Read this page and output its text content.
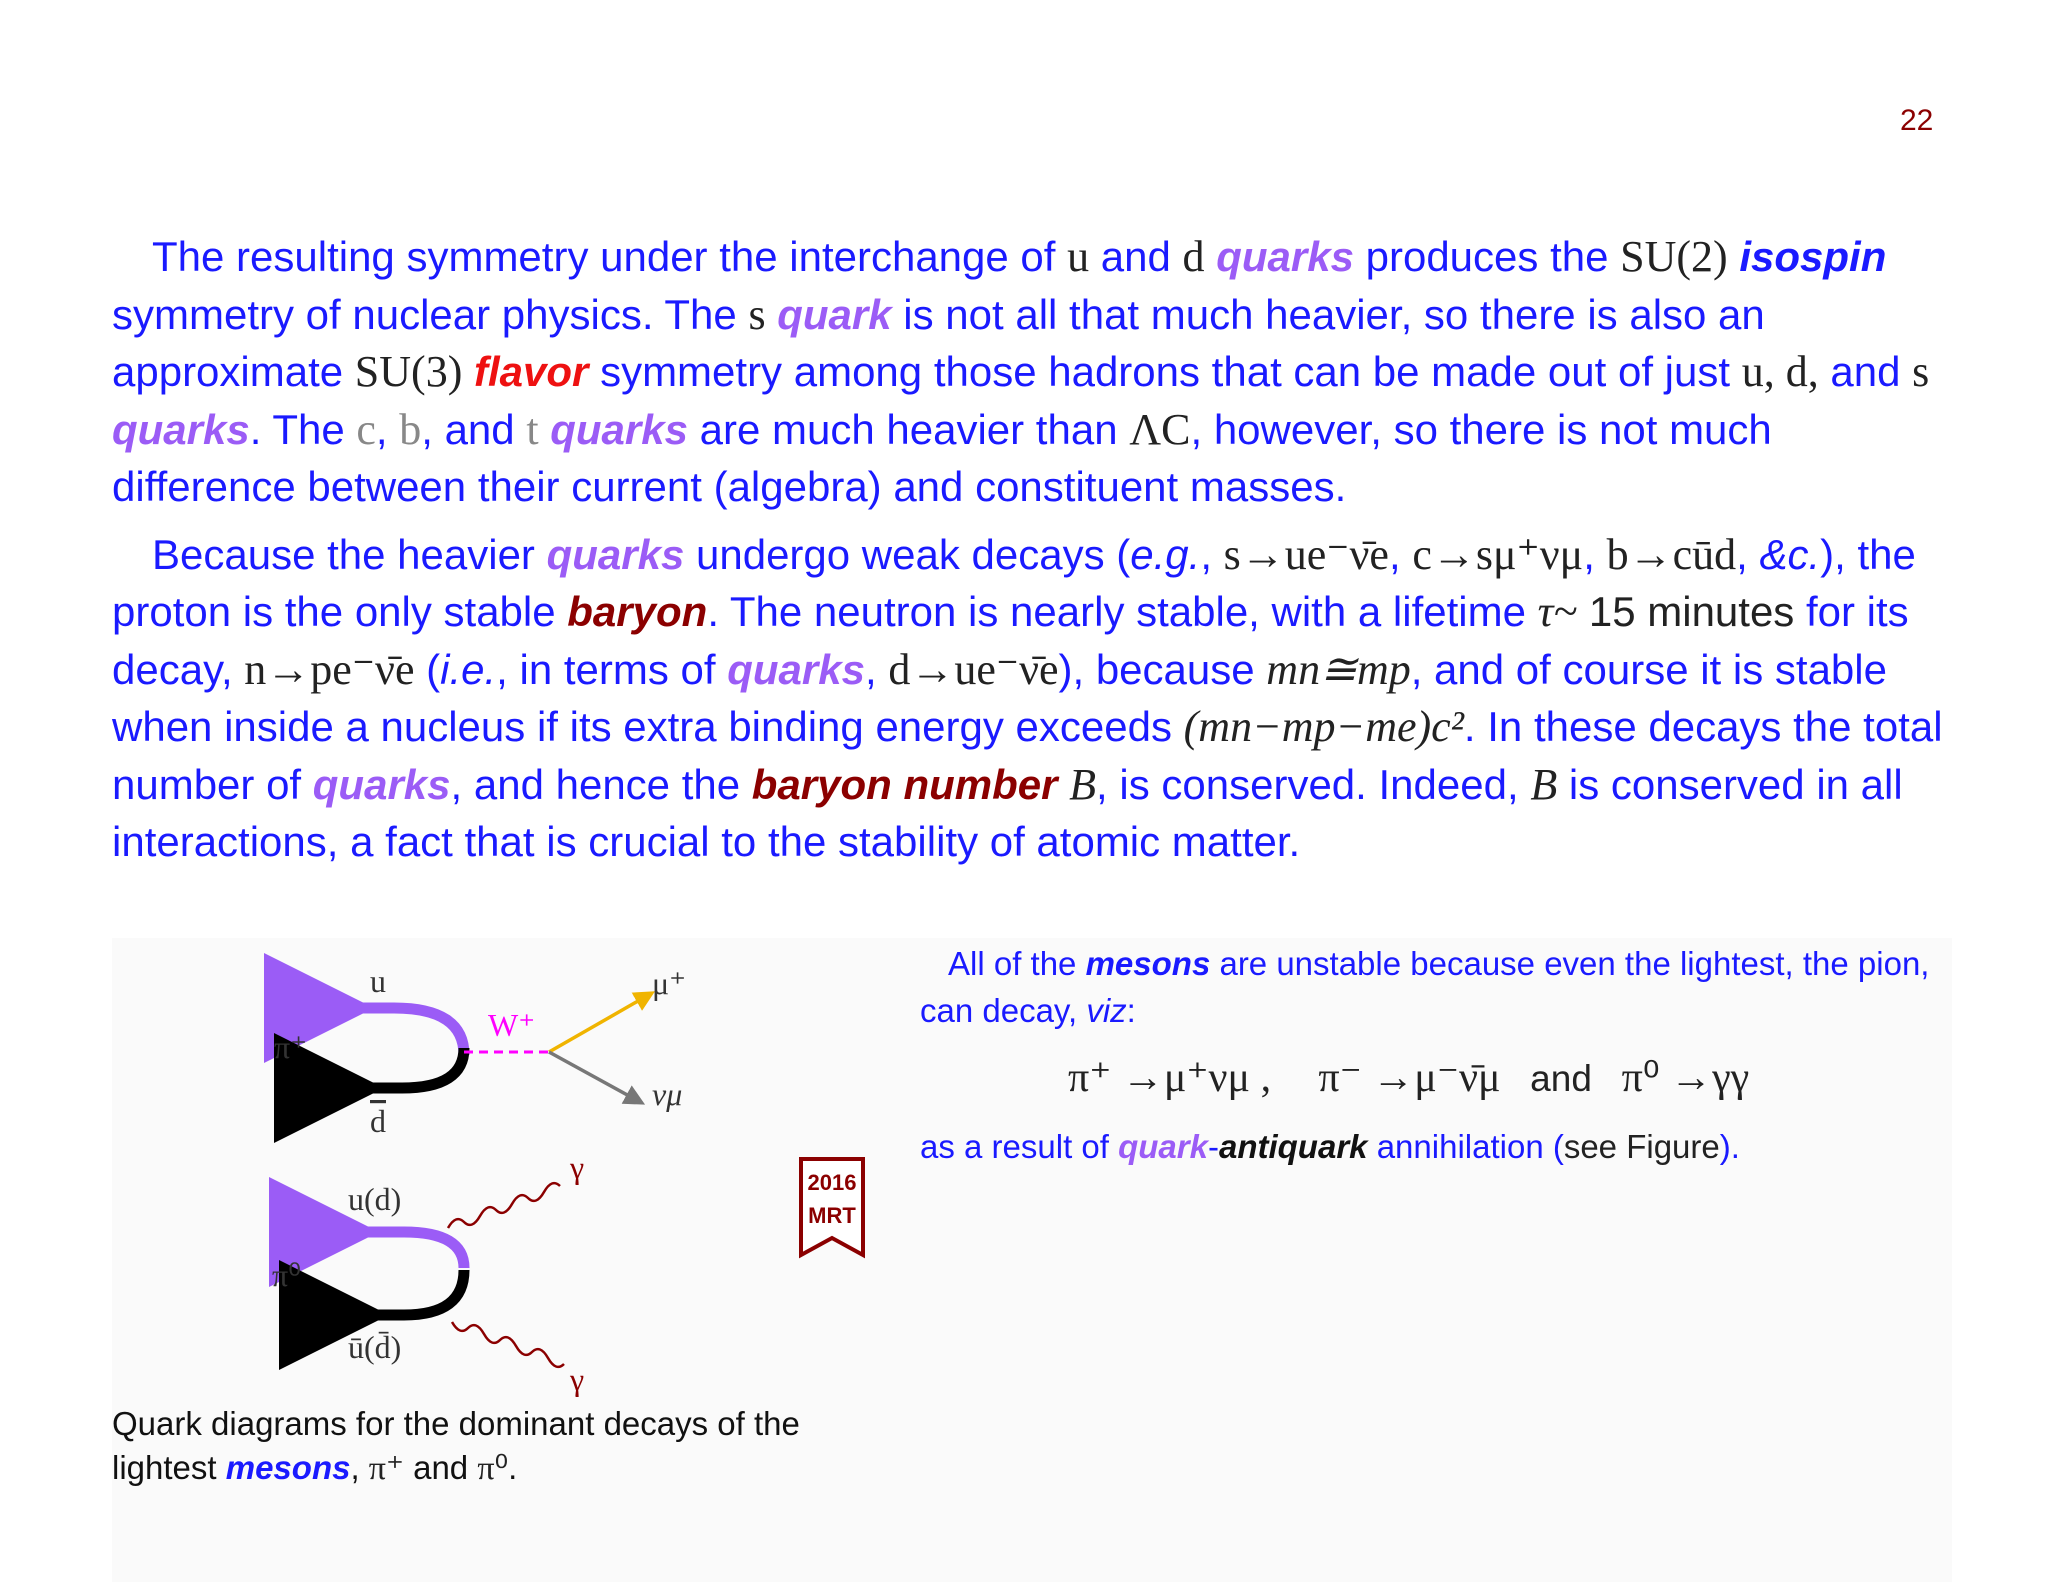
22

The resulting symmetry under the interchange of u and d quarks produces the SU(2) isospin symmetry of nuclear physics. The s quark is not all that much heavier, so there is also an approximate SU(3) flavor symmetry among those hadrons that can be made out of just u, d, and s quarks. The c, b, and t quarks are much heavier than ΛC, however, so there is not much difference between their current (algebra) and constituent masses.

Because the heavier quarks undergo weak decays (e.g., s→ue⁻ν̄e, c→sμ⁺νμ, b→cūd, &c.), the proton is the only stable baryon. The neutron is nearly stable, with a lifetime τ~ 15 minutes for its decay, n→pe⁻ν̄e (i.e., in terms of quarks, d→ue⁻ν̄e), because mn≅mp, and of course it is stable when inside a nucleus if its extra binding energy exceeds (mn−mp−me)c². In these decays the total number of quarks, and hence the baryon number B, is conserved. Indeed, B is conserved in all interactions, a fact that is crucial to the stability of atomic matter.

u
π⁺
d
W⁺
μ⁺
νμ
u(d)
π⁰
ū(d̄)
γ
γ
Quark diagrams for the dominant decays of the lightest mesons, π⁺ and π⁰.
2016
MRT

All of the mesons are unstable because even the lightest, the pion, can decay, viz:

π⁺ →μ⁺νμ , π⁻ →μ⁻ν̄μ and π⁰ →γγ
as a result of quark-antiquark annihilation (see Figure).
